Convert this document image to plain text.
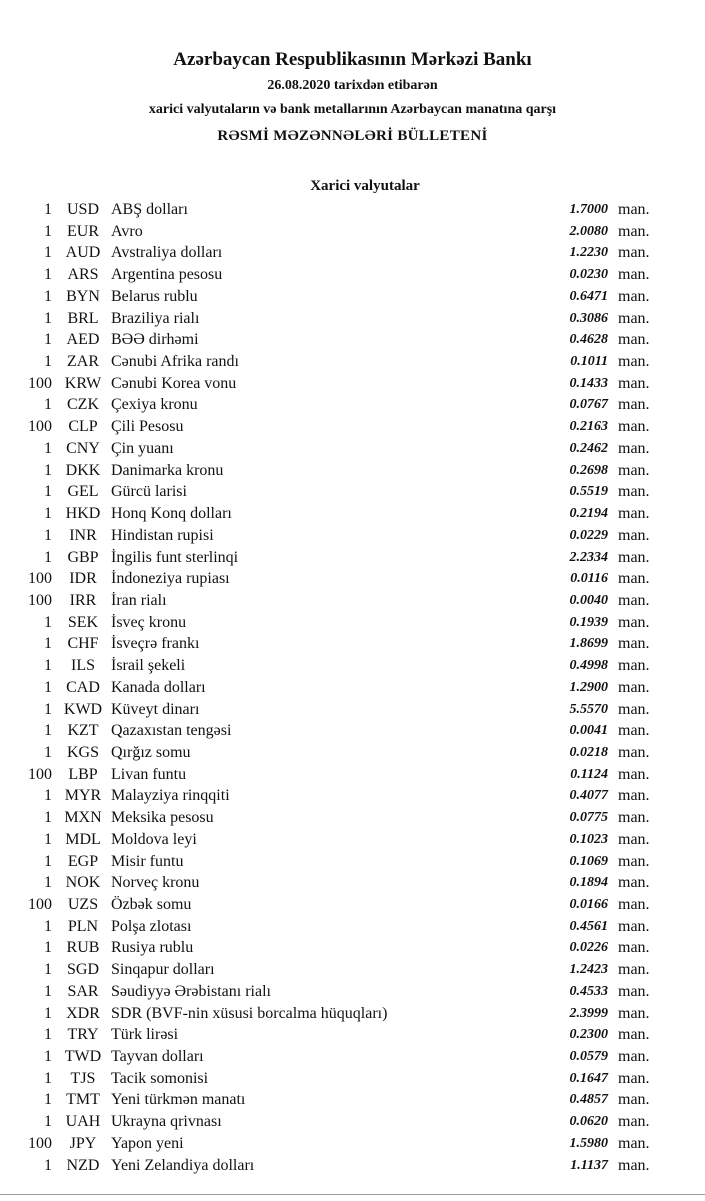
Azərbaycan Respublikasının Mərkəzi Bankı
26.08.2020 tarixdən etibarən
xarici valyutaların və bank metallarının Azərbaycan manatına qarşı
RƏSMİ MƏZƏNNƏLƏRİ BÜLLETENİ
Xarici valyutalar
1 USD ABŞ dolları	1.7000 man.
1 EUR Avro	2.0080 man.
1 AUD Avstraliya dolları	1.2230 man.
1 ARS Argentina pesosu	0.0230 man.
1 BYN Belarus rublu	0.6471 man.
1 BRL Braziliya rialı	0.3086 man.
1 AED BƏƏ dirhəmi	0.4628 man.
1 ZAR Cənubi Afrika randı	0.1011 man.
100 KRW Cənubi Korea vonu	0.1433 man.
1 CZK Çexiya kronu	0.0767 man.
100	CLP Çili Pesosu	0.2163 man.
1 CNY Çin yuanı	0.2462 man.
1 DKK Danimarka kronu	0.2698 man.
1 GEL Gürcü larisi	0.5519 man.
1 HKD Honq Konq dolları	0.2194 man.
1	INR Hindistan rupisi	0.0229 man.
1 GBP İngilis funt sterlinqi	2.2334 man.
100	IDR İndoneziya rupiası	0.0116 man.
100	IRR İran rialı	0.0040 man.
1 SEK İsveç kronu	0.1939 man.
1 CHF İsveçrə frankı	1.8699 man.
1	ILS	İsrail şekeli	0.4998 man.
1 CAD Kanada dolları	1.2900 man.
1 KWD Küveyt dinarı	5.5570 man.
1 KZT Qazaxıstan tengəsi	0.0041 man.
1 KGS Qırğız somu	0.0218 man.
100	LBP Livan funtu	0.1124 man.
1 MYR Malayziya rinqqiti	0.4077 man.
1 MXN Meksika pesosu	0.0775 man.
1 MDL Moldova leyi	0.1023 man.
1 EGP Misir funtu	0.1069 man.
1 NOK Norveç kronu	0.1894 man.
100 UZS Özbək somu	0.0166 man.
1 PLN Polşa zlotası	0.4561 man.
1 RUB Rusiya rublu	0.0226 man.
1 SGD Sinqapur dolları	1.2423 man.
1 SAR Səudiyyə Ərəbistanı rialı	0.4533 man.
1 XDR SDR (BVF-nin xüsusi borcalma hüquqları)	2.3999 man.
1 TRY Türk lirəsi	0.2300 man.
1 TWD Tayvan dolları	0.0579 man.
1	TJS Tacik somonisi	0.1647 man.
1 TMT Yeni türkmən manatı	0.4857 man.
1 UAH Ukrayna qrivnası	0.0620 man.
100	JPY Yapon yeni	1.5980 man.
1 NZD Yeni Zelandiya dolları	1.1137 man.
